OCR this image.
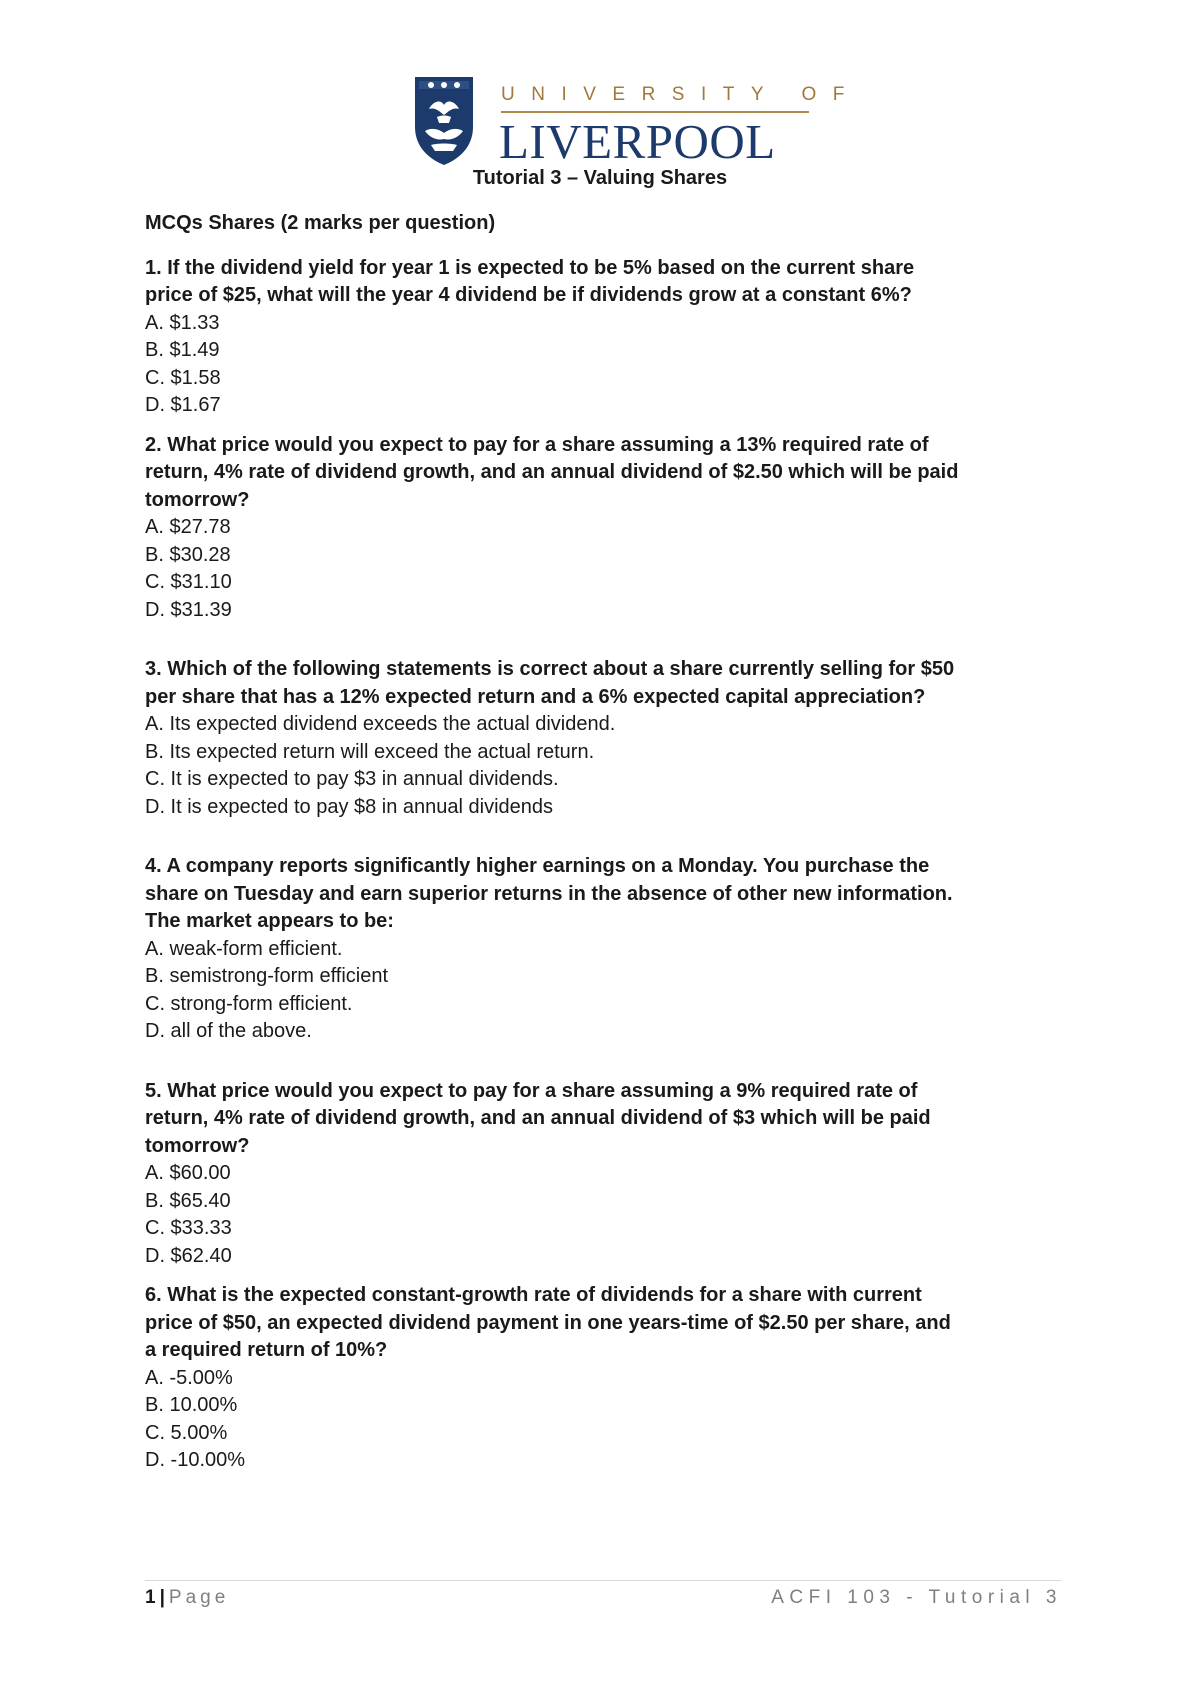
UNIVERSITY OF
LIVERPOOL
Tutorial 3 – Valuing Shares
MCQs Shares (2 marks per question)
1. If the dividend yield for year 1 is expected to be 5% based on the current share
price of $25, what will the year 4 dividend be if dividends grow at a constant 6%?
A. $1.33
B. $1.49
C. $1.58
D. $1.67
2. What price would you expect to pay for a share assuming a 13% required rate of
return, 4% rate of dividend growth, and an annual dividend of $2.50 which will be paid
tomorrow?
A. $27.78
B. $30.28
C. $31.10
D. $31.39
3. Which of the following statements is correct about a share currently selling for $50
per share that has a 12% expected return and a 6% expected capital appreciation?
A. Its expected dividend exceeds the actual dividend.
B. Its expected return will exceed the actual return.
C. It is expected to pay $3 in annual dividends.
D. It is expected to pay $8 in annual dividends
4. A company reports significantly higher earnings on a Monday. You purchase the
share on Tuesday and earn superior returns in the absence of other new information.
The market appears to be:
A. weak-form efficient.
B. semistrong-form efficient
C. strong-form efficient.
D. all of the above.
5. What price would you expect to pay for a share assuming a 9% required rate of
return, 4% rate of dividend growth, and an annual dividend of $3 which will be paid
tomorrow?
A. $60.00
B. $65.40
C. $33.33
D. $62.40
6. What is the expected constant-growth rate of dividends for a share with current
price of $50, an expected dividend payment in one years-time of $2.50 per share, and
a required return of 10%?
A. -5.00%
B. 10.00%
C. 5.00%
D. -10.00%
1 | Page	ACFI 103 - Tutorial 3
